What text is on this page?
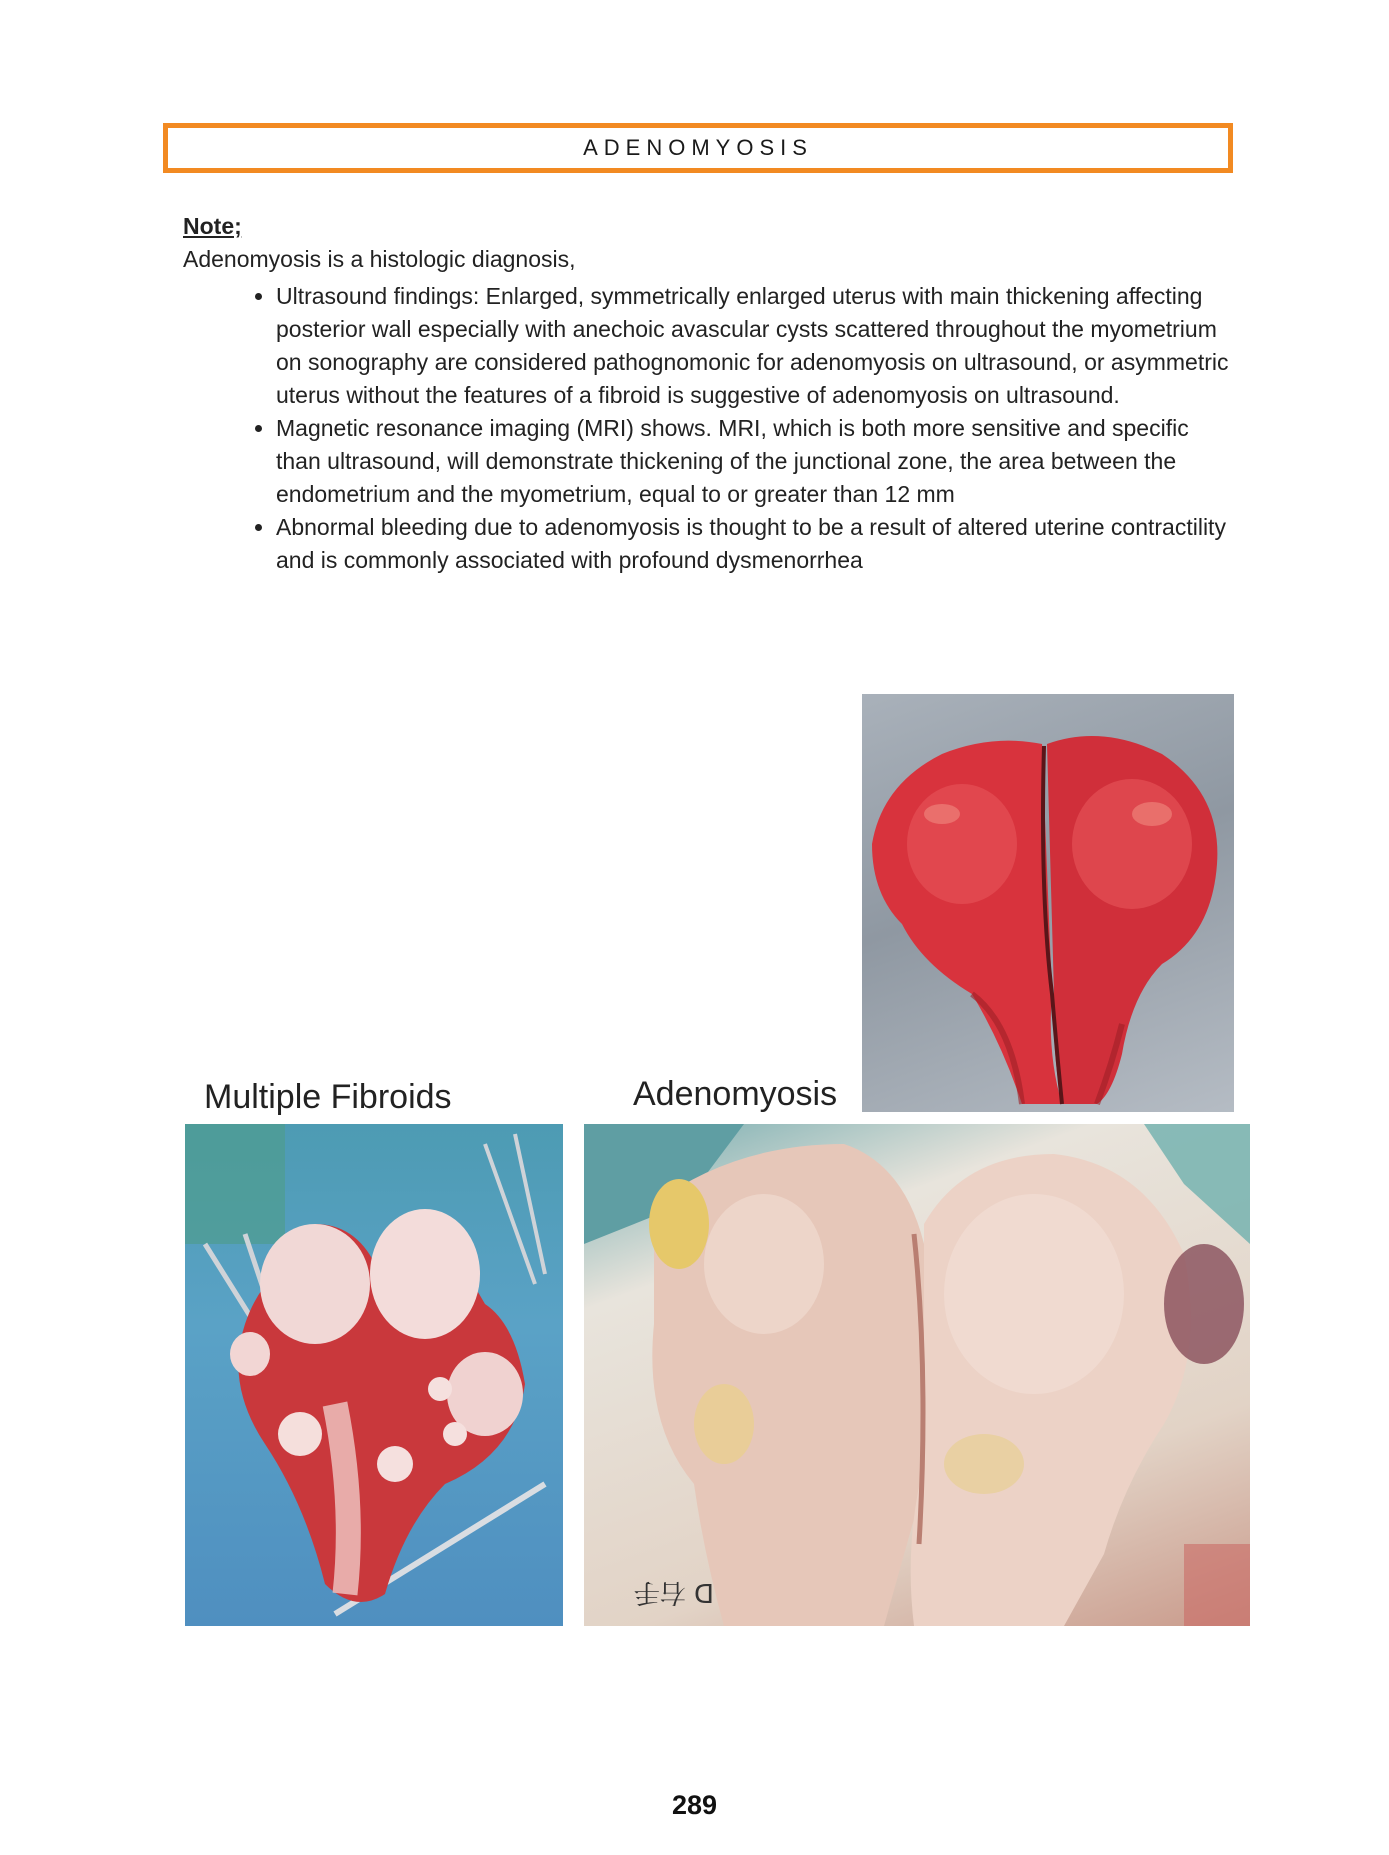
ADENOMYOSIS
Note;
Adenomyosis is a histologic diagnosis,
• Ultrasound findings: Enlarged, symmetrically enlarged uterus with main thickening affecting posterior wall especially with anechoic avascular cysts scattered throughout the myometrium on sonography are considered pathognomonic for adenomyosis on ultrasound, or asymmetric uterus without the features of a fibroid is suggestive of adenomyosis on ultrasound.
• Magnetic resonance imaging (MRI) shows. MRI, which is both more sensitive and specific than ultrasound, will demonstrate thickening of the junctional zone, the area between the endometrium and the myometrium, equal to or greater than 12 mm
• Abnormal bleeding due to adenomyosis is thought to be a result of altered uterine contractility and is commonly associated with profound dysmenorrhea
Multiple Fibroids	Adenomyosis
D 右手
289
